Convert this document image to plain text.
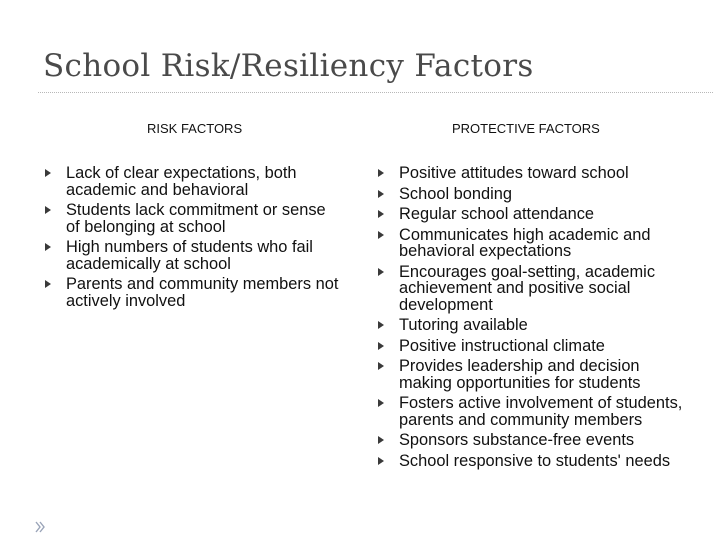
School Risk/Resiliency Factors
RISK FACTORS	PROTECTIVE FACTORS
Lack of clear expectations, both academic and behavioral
Students lack commitment or sense of belonging at school
High numbers of students who fail academically at school
Parents and community members not actively involved
Positive attitudes toward school
School bonding
Regular school attendance
Communicates high academic and behavioral expectations
Encourages goal-setting, academic achievement and positive social development
Tutoring available
Positive instructional climate
Provides leadership and decision making opportunities for students
Fosters active involvement of students, parents and community members
Sponsors substance-free events
School responsive to students' needs
